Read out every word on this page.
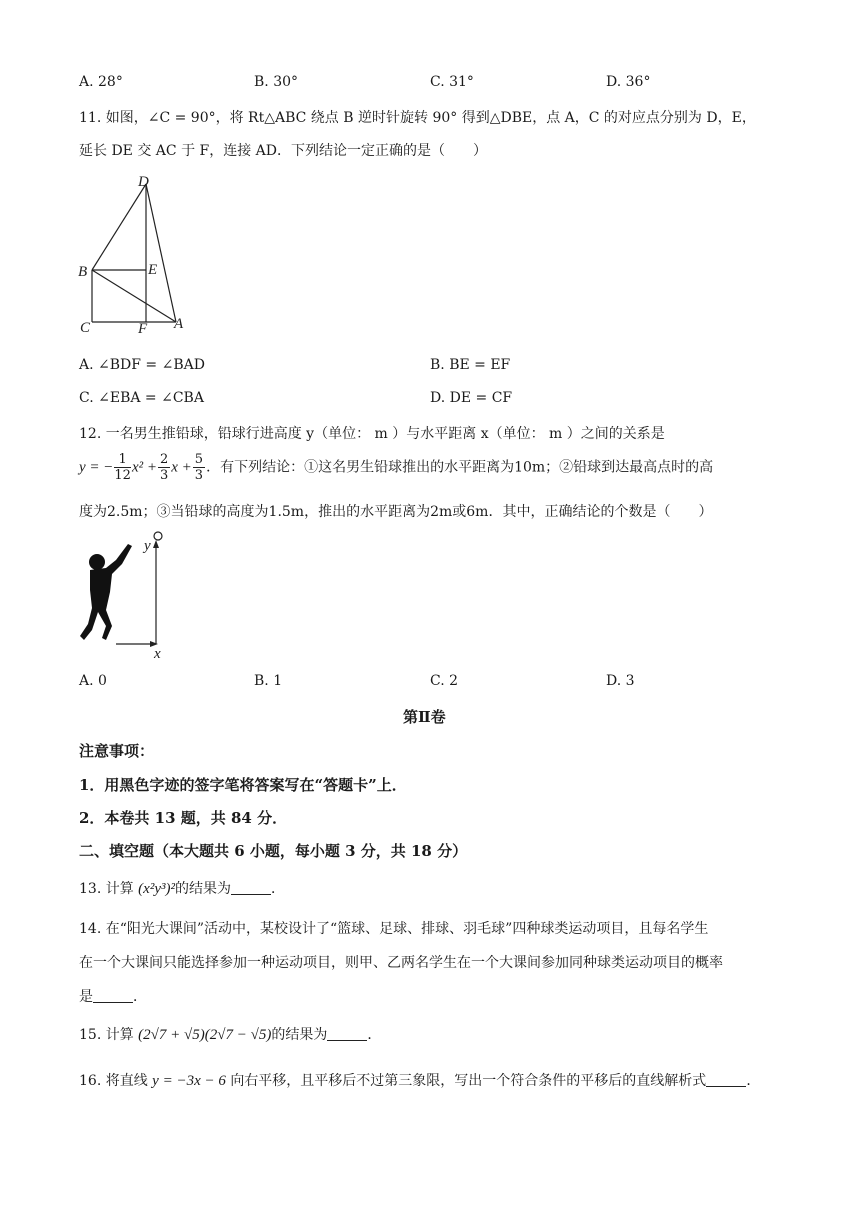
A. 28°	B. 30°	C. 31°	D. 36°
11. 如图，∠C = 90°，将 Rt△ABC 绕点 B 逆时针旋转 90° 得到△DBE，点 A，C 的对应点分别为 D，E，
延长 DE 交 AC 于 F，连接 AD．下列结论一定正确的是（　　）
D
B	E
C	F A
A. ∠BDF = ∠BAD	B. BE = EF
C. ∠EBA = ∠CBA	D. DE = CF
12. 一名男生推铅球，铅球行进高度 y（单位： m ）与水平距离 x（单位： m ）之间的关系是
y = − $\frac{1}{12} x^2 + \frac{2}{3}$ $x + \frac{5}{3}$ ．有下列结论：①这名男生铅球推出的水平距离为10m；②铅球到达最高点时的高
度为2.5m；③当铅球的高度为1.5m，推出的水平距离为2m或6m．其中，正确结论的个数是（　　）
y
x
A. 0	B. 1	C. 2	D. 3
第Ⅱ卷
注意事项：
1．用黑色字迹的签字笔将答案写在“答题卡”上．
2．本卷共 13 题，共 84 分．
二、填空题（本大题共 6 小题，每小题 3 分，共 18 分）
13. 计算 (x²y³)²的结果为	．
14. 在“阳光大课间”活动中，某校设计了“篮球、足球、排球、羽毛球”四种球类运动项目，且每名学生
在一个大课间只能选择参加一种运动项目，则甲、乙两名学生在一个大课间参加同种球类运动项目的概率
是	．
15. 计算 (2√7 + √5)(2√7 − √5)的结果为	．
16. 将直线 y = −3x − 6 向右平移，且平移后不过第三象限，写出一个符合条件的平移后的直线解析式	．
